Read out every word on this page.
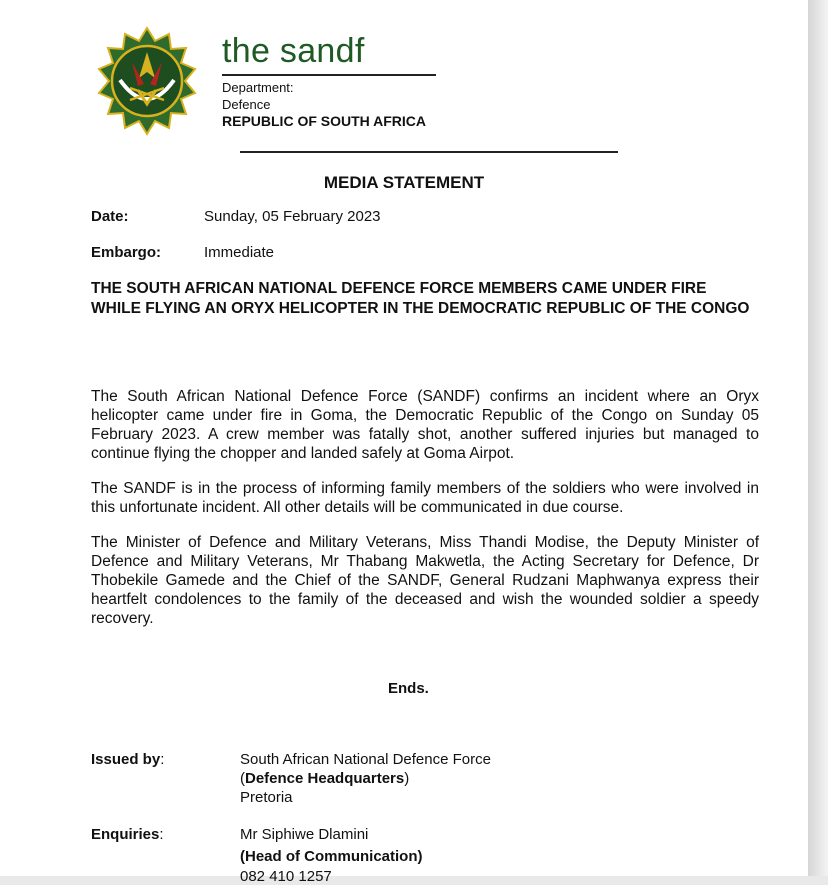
the sandf
Department:
Defence
REPUBLIC OF SOUTH AFRICA
MEDIA STATEMENT
Date:	Sunday, 05 February 2023
Embargo:	Immediate
THE SOUTH AFRICAN NATIONAL DEFENCE FORCE MEMBERS CAME UNDER FIRE WHILE FLYING AN ORYX HELICOPTER IN THE DEMOCRATIC REPUBLIC OF THE CONGO
The South African National Defence Force (SANDF) confirms an incident where an Oryx helicopter came under fire in Goma, the Democratic Republic of the Congo on Sunday 05 February 2023. A crew member was fatally shot, another suffered injuries but managed to continue flying the chopper and landed safely at Goma Airpot.
The SANDF is in the process of informing family members of the soldiers who were involved in this unfortunate incident. All other details will be communicated in due course.
The Minister of Defence and Military Veterans, Miss Thandi Modise, the Deputy Minister of Defence and Military Veterans, Mr Thabang Makwetla, the Acting Secretary for Defence, Dr Thobekile Gamede and the Chief of the SANDF, General Rudzani Maphwanya express their heartfelt condolences to the family of the deceased and wish the wounded soldier a speedy recovery.
Ends.
Issued by:	South African National Defence Force
(Defence Headquarters)
Pretoria
Enquiries:	Mr Siphiwe Dlamini
(Head of Communication)
082 410 1257
